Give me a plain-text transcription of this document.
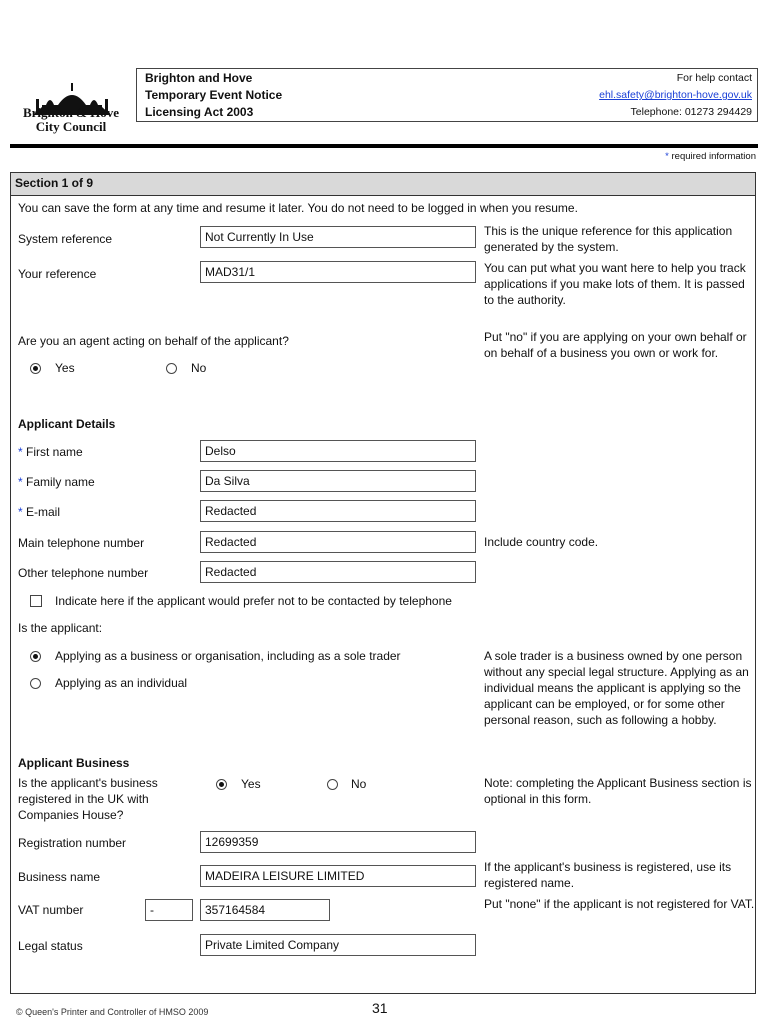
Brighton & Hove
City Council
Brighton and Hove
Temporary Event Notice
Licensing Act 2003
For help contact
ehl.safety@brighton-hove.gov.uk
Telephone: 01273 294429
* required information
Section 1 of 9
You can save the form at any time and resume it later. You do not need to be logged in when you resume.
System reference	Not Currently In Use	This is the unique reference for this application generated by the system.
Your reference	MAD31/1	You can put what you want here to help you track applications if you make lots of them. It is passed to the authority.
Are you an agent acting on behalf of the applicant?	Put "no" if you are applying on your own behalf or on behalf of a business you own or work for.
Yes	No
Applicant Details
* First name	Delso
* Family name	Da Silva
* E-mail	Redacted
Main telephone number	Redacted	Include country code.
Other telephone number	Redacted
Indicate here if the applicant would prefer not to be contacted by telephone
Is the applicant:
Applying as a business or organisation, including as a sole trader
Applying as an individual
A sole trader is a business owned by one person without any special legal structure. Applying as an individual means the applicant is applying so the applicant can be employed, or for some other personal reason, such as following a hobby.
Applicant Business
Is the applicant's business registered in the UK with Companies House?
Yes	No	Note: completing the Applicant Business section is optional in this form.
Registration number	12699359
Business name	MADEIRA LEISURE LIMITED
If the applicant's business is registered, use its registered name.
VAT number	-	357164584	Put "none" if the applicant is not registered for VAT.
Legal status	Private Limited Company
© Queen's Printer and Controller of HMSO 2009	31
